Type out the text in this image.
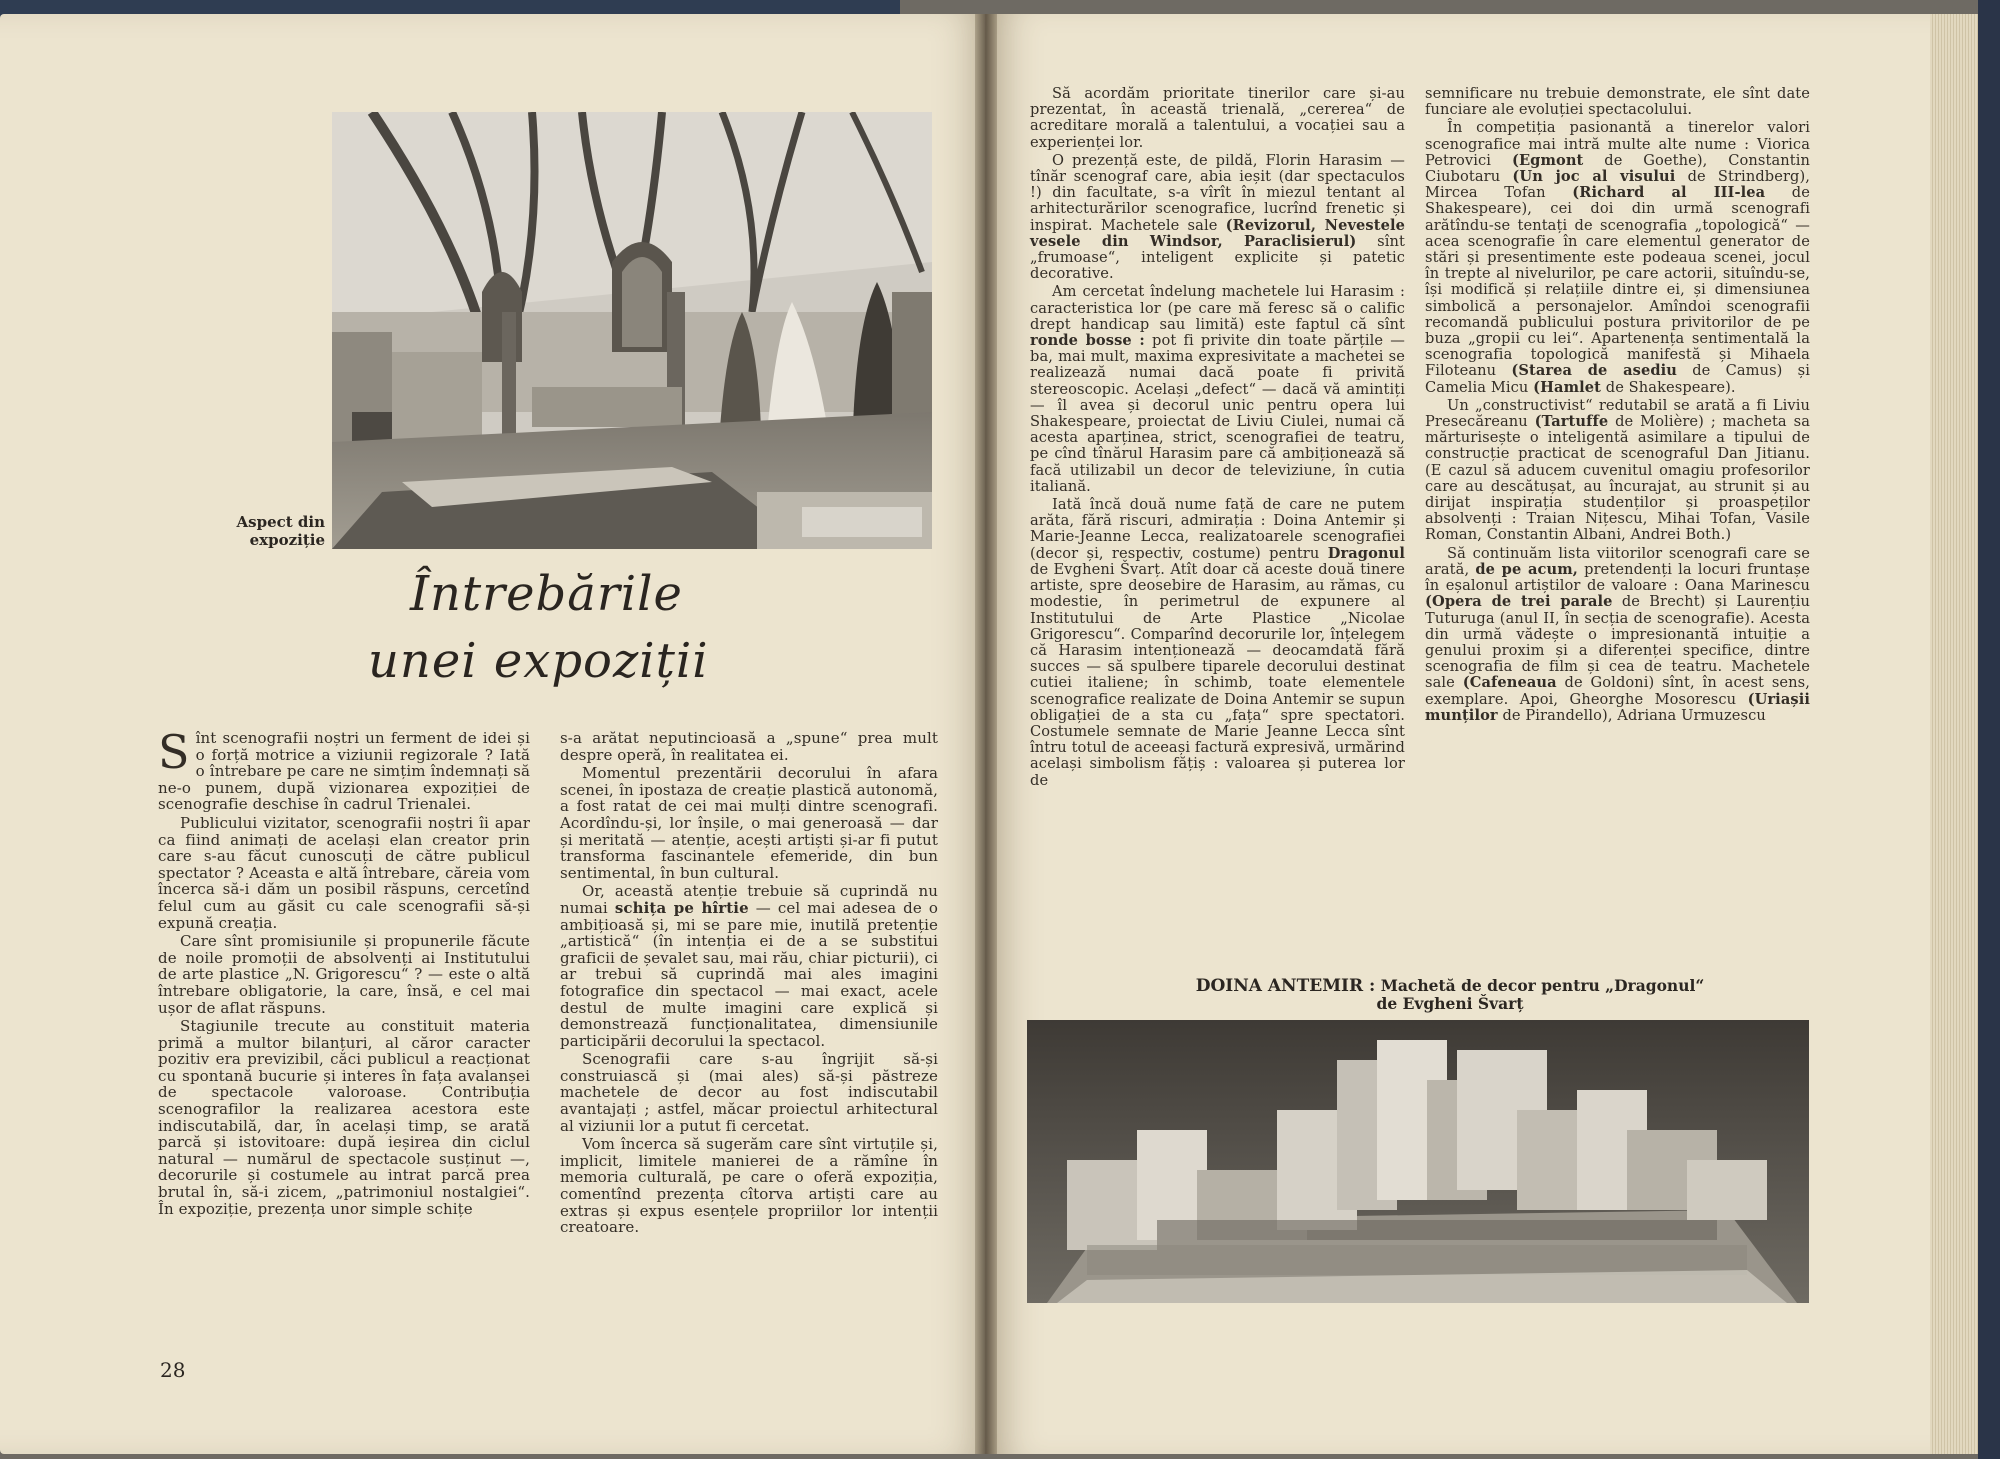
Aspect din
expoziție
Întrebările
unei expoziții

Sînt scenografii noștri un ferment de idei și o forță motrice a viziunii regizorale ? Iată o întrebare pe care ne simțim îndemnați să ne-o punem, după vizionarea expoziției de scenografie deschise în cadrul Trienalei.

Publicului vizitator, scenografii noștri îi apar ca fiind animați de același elan creator prin care s-au făcut cunoscuți de către publicul spectator ? Aceasta e altă întrebare, căreia vom încerca să-i dăm un posibil răspuns, cercetînd felul cum au găsit cu cale scenografii să-și expună creația.

Care sînt promisiunile și propunerile făcute de noile promoții de absolvenți ai Institutului de arte plastice „N. Grigorescu“ ? — este o altă întrebare obligatorie, la care, însă, e cel mai ușor de aflat răspuns.

Stagiunile trecute au constituit materia primă a multor bilanțuri, al căror caracter pozitiv era previzibil, căci publicul a reacționat cu spontană bucurie și interes în fața avalanșei de spectacole valoroase. Contribuția scenografilor la realizarea acestora este indiscutabilă, dar, în același timp, se arată parcă și istovitoare: după ieșirea din ciclul natural — numărul de spectacole susținut —, decorurile și costumele au intrat parcă prea brutal în, să-i zicem, „patrimoniul nostalgiei“. În expoziție, prezența unor simple schițe

s-a arătat neputincioasă a „spune“ prea mult despre operă, în realitatea ei.

Momentul prezentării decorului în afara scenei, în ipostaza de creație plastică autonomă, a fost ratat de cei mai mulți dintre scenografi. Acordîndu-și, lor înșile, o mai generoasă — dar și meritată — atenție, acești artiști și-ar fi putut transforma fascinantele efemeride, din bun sentimental, în bun cultural.

Or, această atenție trebuie să cuprindă nu numai schița pe hîrtie — cel mai adesea de o ambițioasă și, mi se pare mie, inutilă pretenție „artistică“ (în intenția ei de a se substitui graficii de șevalet sau, mai rău, chiar picturii), ci ar trebui să cuprindă mai ales imagini fotografice din spectacol — mai exact, acele destul de multe imagini care explică și demonstrează funcționalitatea, dimensiunile participării decorului la spectacol.

Scenografii care s-au îngrijit să-și construiască și (mai ales) să-și păstreze machetele de decor au fost indiscutabil avantajați ; astfel, măcar proiectul arhitectural al viziunii lor a putut fi cercetat.

Vom încerca să sugerăm care sînt virtuțile și, implicit, limitele manierei de a rămîne în memoria culturală, pe care o oferă expoziția, comentînd prezența cîtorva artiști care au extras și expus esențele propriilor lor intenții creatoare.

28

Să acordăm prioritate tinerilor care și-au prezentat, în această trienală, „cererea“ de acreditare morală a talentului, a vocației sau a experienței lor.

O prezență este, de pildă, Florin Harasim — tînăr scenograf care, abia ieșit (dar spectaculos !) din facultate, s-a vîrît în miezul tentant al arhitecturărilor scenografice, lucrînd frenetic și inspirat. Machetele sale (Revizorul, Nevestele vesele din Windsor, Paraclisierul) sînt „frumoase“, inteligent explicite și patetic decorative.

Am cercetat îndelung machetele lui Harasim : caracteristica lor (pe care mă feresc să o calific drept handicap sau limită) este faptul că sînt ronde bosse : pot fi privite din toate părțile — ba, mai mult, maxima expresivitate a machetei se realizează numai dacă poate fi privită stereoscopic. Același „defect“ — dacă vă amintiți — îl avea și decorul unic pentru opera lui Shakespeare, proiectat de Liviu Ciulei, numai că acesta aparținea, strict, scenografiei de teatru, pe cînd tînărul Harasim pare că ambiționează să facă utilizabil un decor de televiziune, în cutia italiană.

Iată încă două nume față de care ne putem arăta, fără riscuri, admirația : Doina Antemir și Marie-Jeanne Lecca, realizatoarele scenografiei (decor și, respectiv, costume) pentru Dragonul de Evgheni Švarț. Atît doar că aceste două tinere artiste, spre deosebire de Harasim, au rămas, cu modestie, în perimetrul de expunere al Institutului de Arte Plastice „Nicolae Grigorescu“. Comparînd decorurile lor, înțelegem că Harasim intenționează — deocamdată fără succes — să spulbere tiparele decorului destinat cutiei italiene; în schimb, toate elementele scenografice realizate de Doina Antemir se supun obligației de a sta cu „fața“ spre spectatori. Costumele semnate de Marie Jeanne Lecca sînt întru totul de aceeași factură expresivă, urmărind același simbolism fățiș : valoarea și puterea lor de

semnificare nu trebuie demonstrate, ele sînt date funciare ale evoluției spectacolului.

În competiția pasionantă a tinerelor valori scenografice mai intră multe alte nume : Viorica Petrovici (Egmont de Goethe), Constantin Ciubotaru (Un joc al visului de Strindberg), Mircea Tofan (Richard al III-lea de Shakespeare), cei doi din urmă scenografi arătîndu-se tentați de scenografia „topologică“ — acea scenografie în care elementul generator de stări și presentimente este podeaua scenei, jocul în trepte al nivelurilor, pe care actorii, situîndu-se, își modifică și relațiile dintre ei, și dimensiunea simbolică a personajelor. Amîndoi scenografii recomandă publicului postura privitorilor de pe buza „gropii cu lei“. Apartenența sentimentală la scenografia topologică manifestă și Mihaela Filoteanu (Starea de asediu de Camus) și Camelia Micu (Hamlet de Shakespeare).

Un „constructivist“ redutabil se arată a fi Liviu Presecăreanu (Tartuffe de Molière) ; macheta sa mărturisește o inteligentă asimilare a tipului de construcție practicat de scenograful Dan Jitianu. (E cazul să aducem cuvenitul omagiu profesorilor care au descătușat, au încurajat, au strunit și au dirijat inspirația studenților și proaspeților absolvenți : Traian Nițescu, Mihai Tofan, Vasile Roman, Constantin Albani, Andrei Both.)

Să continuăm lista viitorilor scenografi care se arată, de pe acum, pretendenți la locuri fruntașe în eșalonul artiștilor de valoare : Oana Marinescu (Opera de trei parale de Brecht) și Laurențiu Tuturuga (anul II, în secția de scenografie). Acesta din urmă vădește o impresionantă intuiție a genului proxim și a diferenței specifice, dintre scenografia de film și cea de teatru. Machetele sale (Cafeneaua de Goldoni) sînt, în acest sens, exemplare. Apoi, Gheorghe Mosorescu (Uriașii munților de Pirandello), Adriana Urmuzescu

DOINA ANTEMIR : Machetă de decor pentru „Dragonul“
de Evgheni Švarț
